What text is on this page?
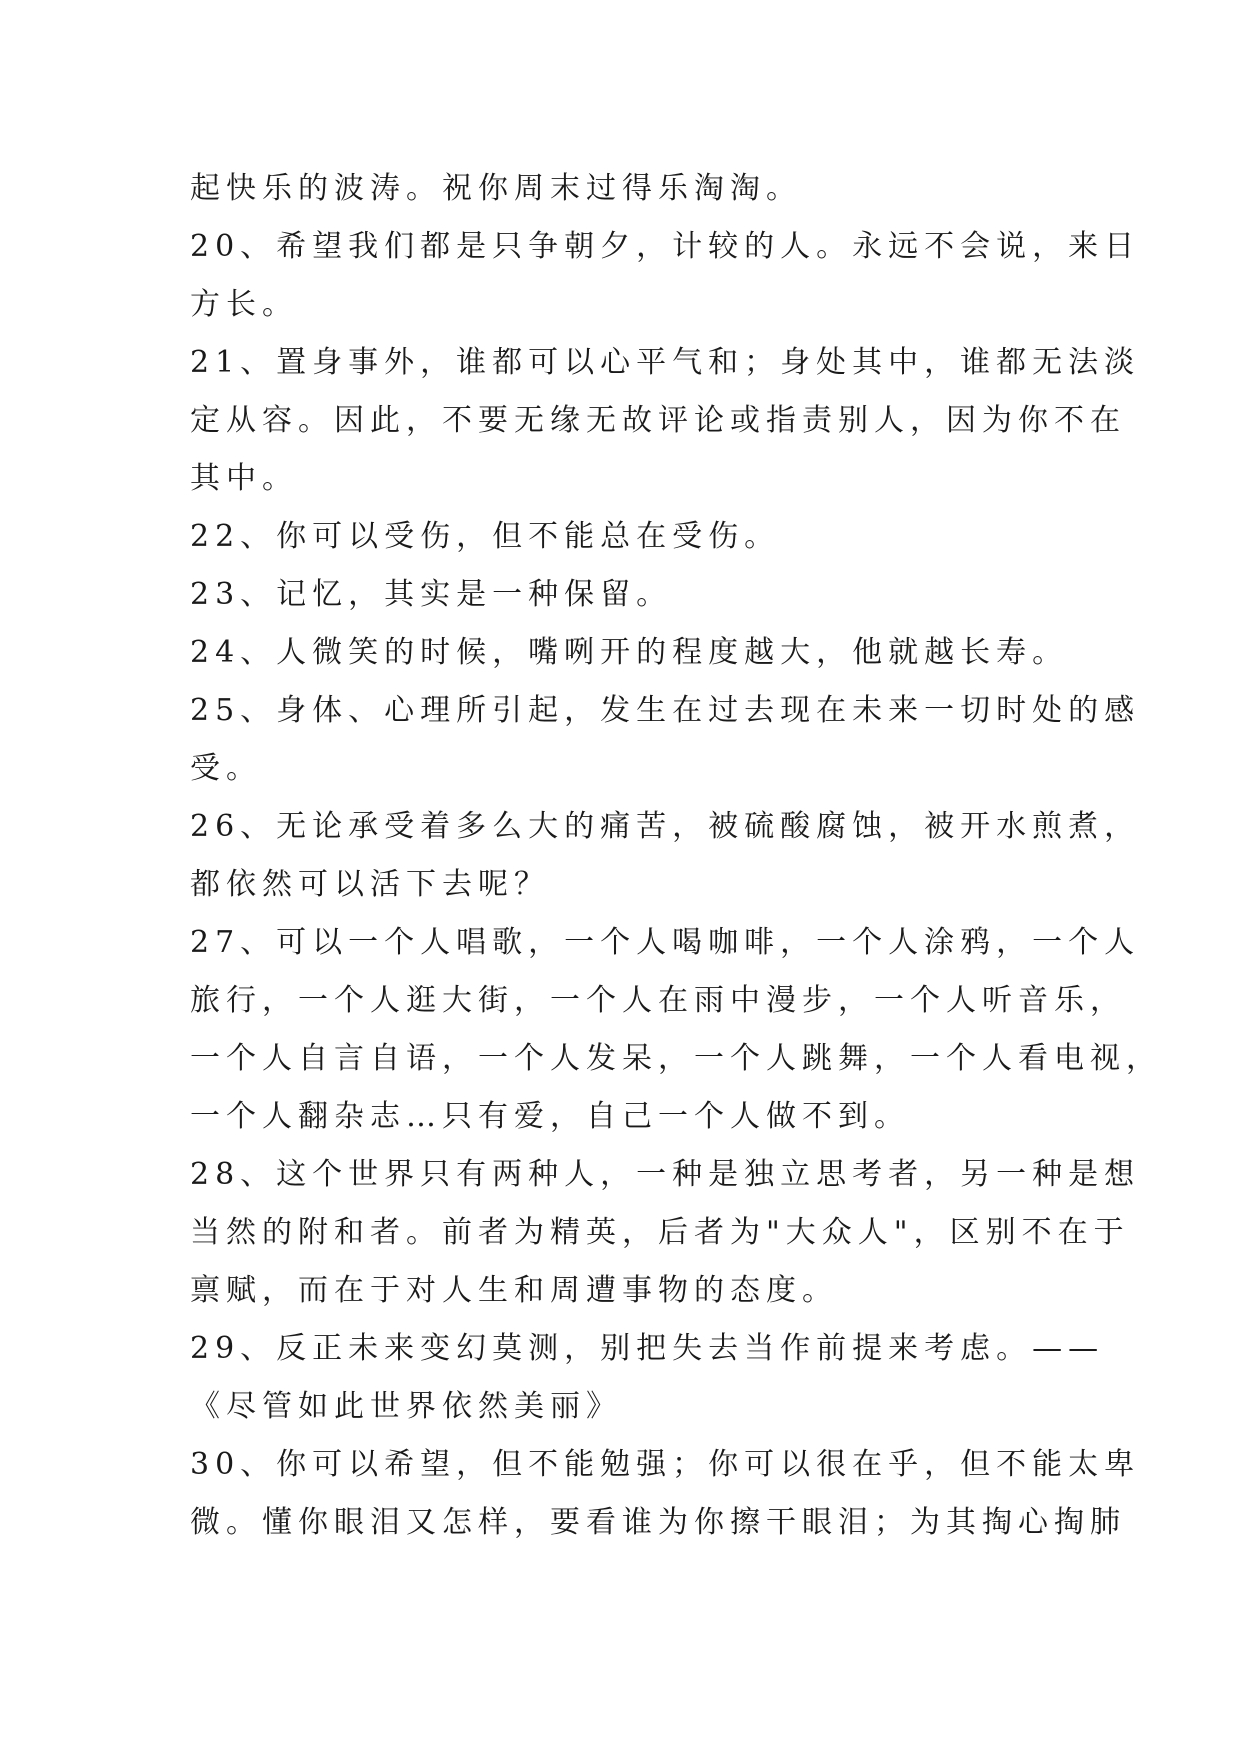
起快乐的波涛。祝你周末过得乐淘淘。
20、希望我们都是只争朝夕，计较的人。永远不会说，来日
方长。
21、置身事外，谁都可以心平气和；身处其中，谁都无法淡
定从容。因此，不要无缘无故评论或指责别人，因为你不在
其中。
22、你可以受伤，但不能总在受伤。
23、记忆，其实是一种保留。
24、人微笑的时候，嘴咧开的程度越大，他就越长寿。
25、身体、心理所引起，发生在过去现在未来一切时处的感
受。
26、无论承受着多么大的痛苦，被硫酸腐蚀，被开水煎煮，
都依然可以活下去呢？
27、可以一个人唱歌，一个人喝咖啡，一个人涂鸦，一个人
旅行，一个人逛大街，一个人在雨中漫步，一个人听音乐，
一个人自言自语，一个人发呆，一个人跳舞，一个人看电视，
一个人翻杂志…只有爱，自己一个人做不到。
28、这个世界只有两种人，一种是独立思考者，另一种是想
当然的附和者。前者为精英，后者为"大众人"，区别不在于
禀赋，而在于对人生和周遭事物的态度。
29、反正未来变幻莫测，别把失去当作前提来考虑。——
《尽管如此世界依然美丽》
30、你可以希望，但不能勉强；你可以很在乎，但不能太卑
微。懂你眼泪又怎样，要看谁为你擦干眼泪；为其掏心掏肺
